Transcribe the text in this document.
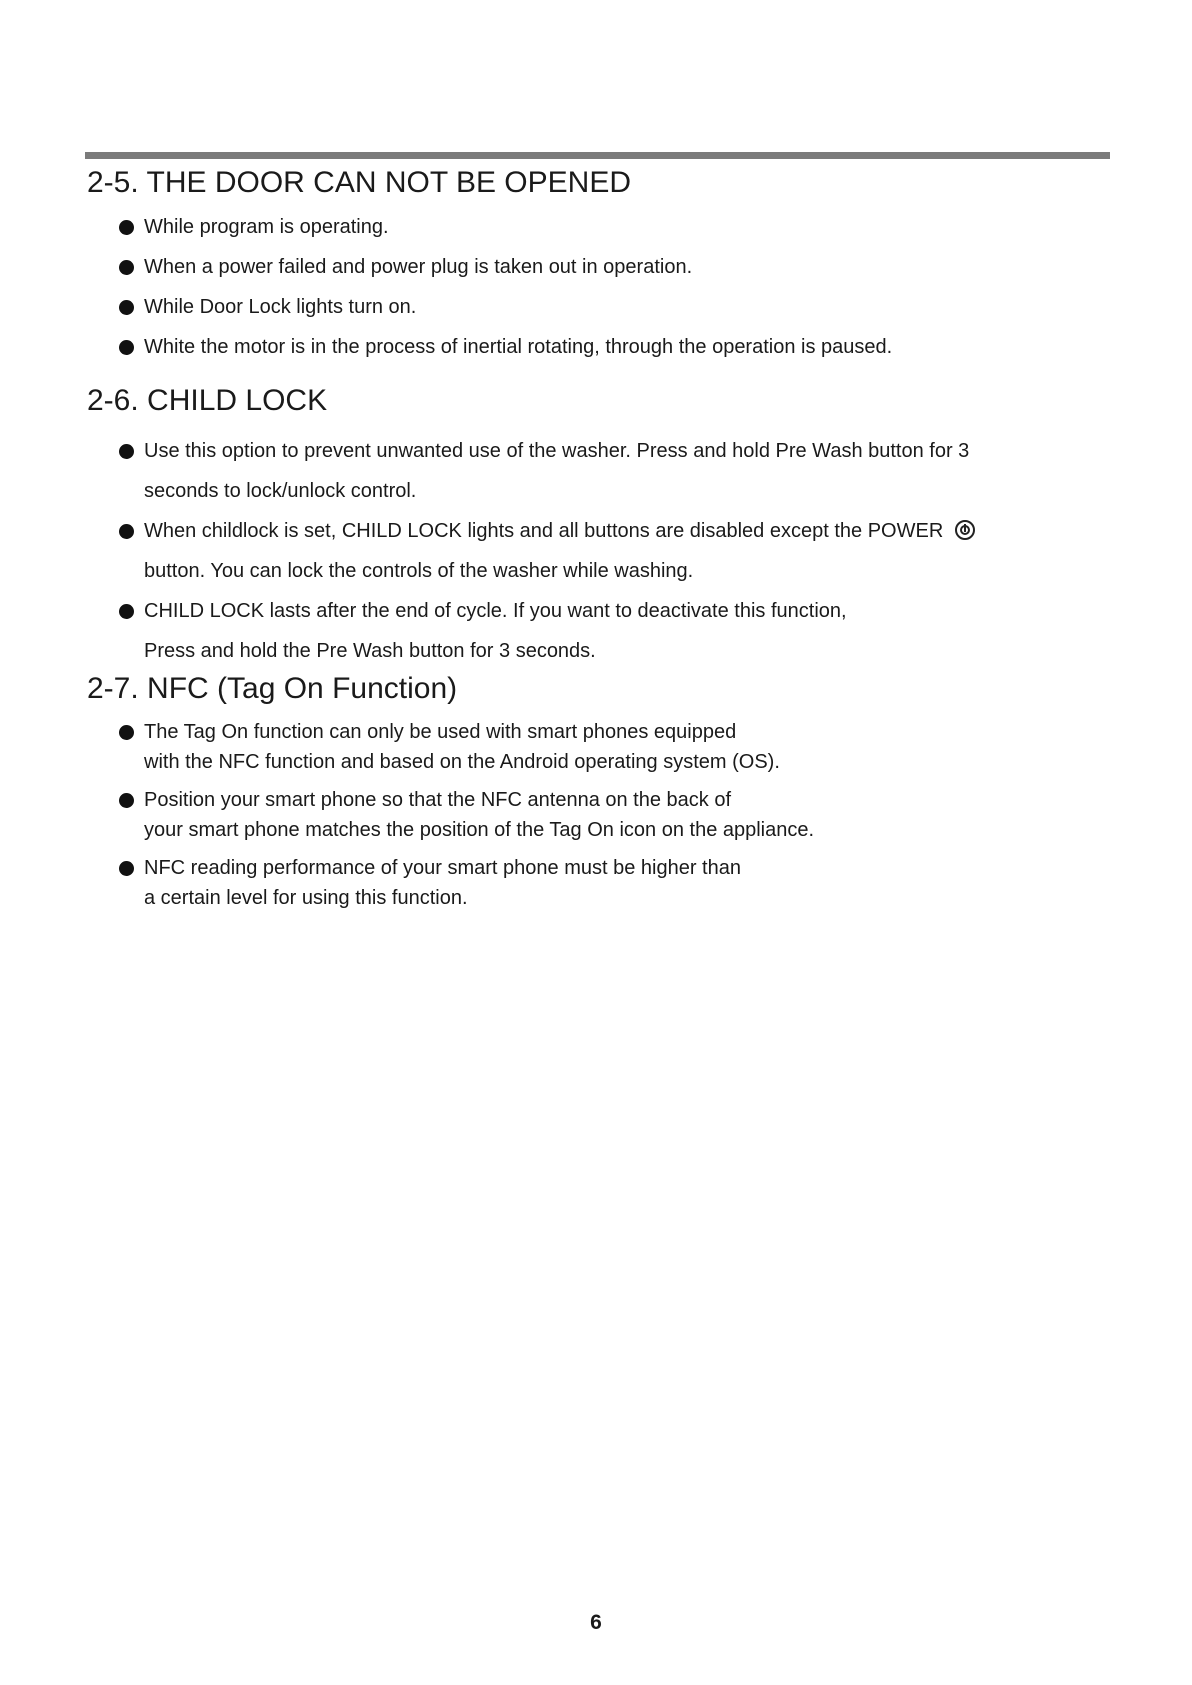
2-5. THE DOOR CAN NOT BE OPENED
While program is operating.
When a power failed and power plug is taken out in operation.
While Door Lock lights turn on.
White the motor is in the process of inertial rotating, through the operation is paused.
2-6. CHILD LOCK
Use this option to prevent unwanted use of the washer. Press and hold Pre Wash button for 3
seconds to lock/unlock control.
When childlock is set, CHILD LOCK lights and all buttons are disabled except the POWER
button. You can lock the controls of the washer while washing.
CHILD LOCK lasts after the end of cycle. If you want to deactivate this function,
Press and hold the Pre Wash button for 3 seconds.
2-7. NFC (Tag On Function)
The Tag On function can only be used with smart phones equipped
with the NFC function and based on the Android operating system (OS).
Position your smart phone so that the NFC antenna on the back of
your smart phone matches the position of the Tag On icon on the appliance.
NFC reading performance of your smart phone must be higher than
a certain level for using this function.
6
